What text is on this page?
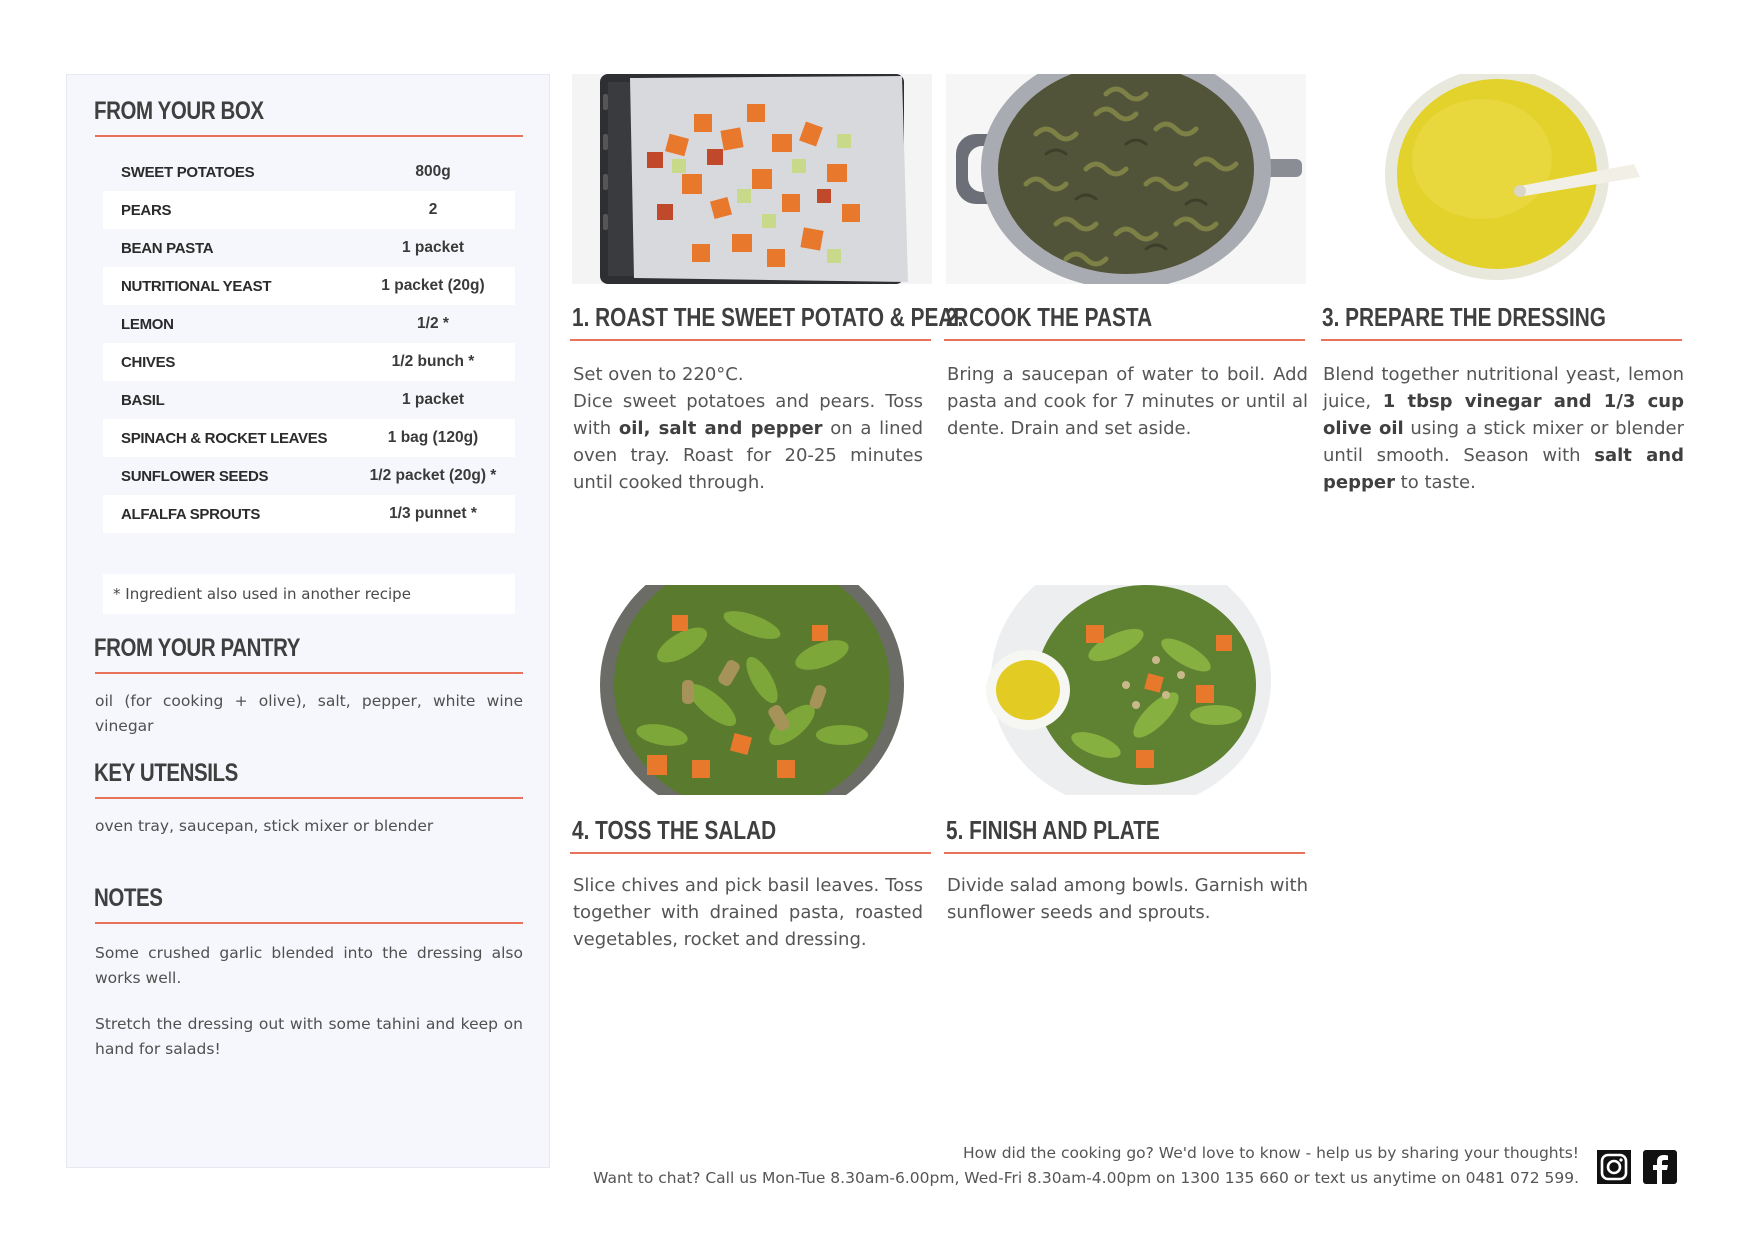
FROM YOUR BOX
SWEET POTATOES	800g
PEARS	2
BEAN PASTA	1 packet
NUTRITIONAL YEAST	1 packet (20g)
LEMON	1/2 *
CHIVES	1/2 bunch *
BASIL	1 packet
SPINACH & ROCKET LEAVES	1 bag (120g)
SUNFLOWER SEEDS	1/2 packet (20g) *
ALFALFA SPROUTS	1/3 punnet *
* Ingredient also used in another recipe
FROM YOUR PANTRY
oil (for cooking + olive), salt, pepper, white wine vinegar
KEY UTENSILS
oven tray, saucepan, stick mixer or blender
NOTES
Some crushed garlic blended into the dressing also works well.
Stretch the dressing out with some tahini and keep on hand for salads!
1. ROAST THE SWEET POTATO & PEAR
2. COOK THE PASTA	3. PREPARE THE DRESSING
4. TOSS THE SALAD	5. FINISH AND PLATE
Set oven to 220°C.
Dice sweet potatoes and pears. Toss with oil, salt and pepper on a lined oven tray. Roast for 20-25 minutes until cooked through.
Bring a saucepan of water to boil. Add pasta and cook for 7 minutes or until al dente. Drain and set aside.
Blend together nutritional yeast, lemon juice, 1 tbsp vinegar and 1/3 cup olive oil using a stick mixer or blender until smooth. Season with salt and pepper to taste.
Slice chives and pick basil leaves. Toss together with drained pasta, roasted vegetables, rocket and dressing.
Divide salad among bowls. Garnish with sunflower seeds and sprouts.
How did the cooking go? We'd love to know - help us by sharing your thoughts!
Want to chat? Call us Mon-Tue 8.30am-6.00pm, Wed-Fri 8.30am-4.00pm on 1300 135 660 or text us anytime on 0481 072 599.
